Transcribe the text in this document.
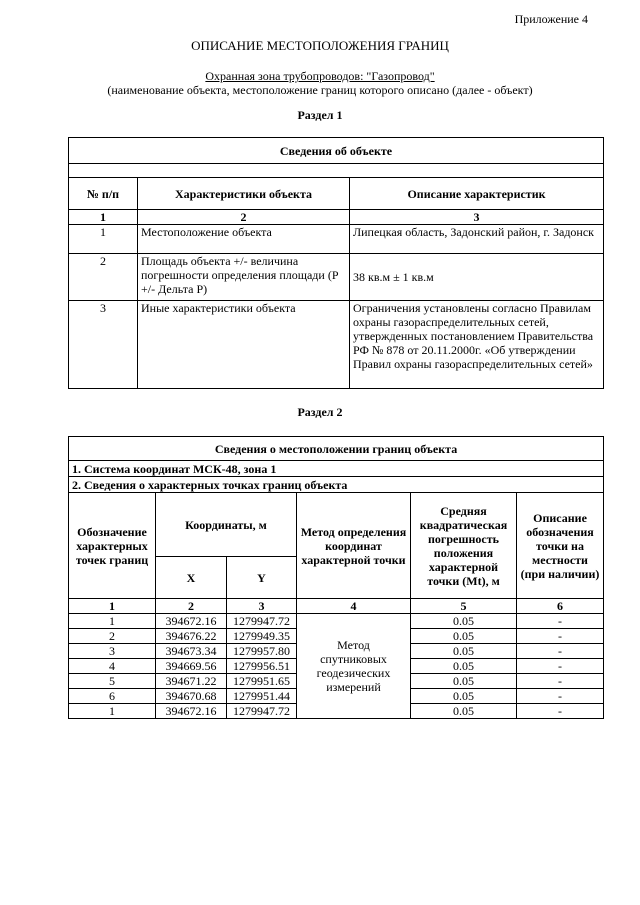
Приложение 4
ОПИСАНИЕ МЕСТОПОЛОЖЕНИЯ ГРАНИЦ
Охранная зона трубопроводов: "Газопровод"
(наименование объекта, местоположение границ которого описано (далее - объект)
Раздел 1
Сведения об объекте		

№ п/п	Характеристики объекта	Описание характеристик
1	2	3
1	Местоположение объекта	Липецкая область, Задонский район, г. Задонск
2	Площадь объекта +/- величина погрешности определения площади (Р +/- Дельта Р)	38 кв.м ± 1 кв.м
3	Иные характеристики объекта	Ограничения установлены согласно Правилам охраны газораспределительных сетей, утвержденных постановлением Правительства РФ № 878 от 20.11.2000г. «Об утверждении Правил охраны газораспределительных сетей»
Раздел 2
Сведения о местоположении границ объекта					
1. Система координат МСК-48, зона 1					
2. Сведения о характерных точках границ объекта					
Обозначение характерных точек границ	Координаты, м		Метод определения координат характерной точки	Средняя квадратическая погрешность положения характерной точки (Mt), м	Описание обозначения точки на местности (при наличии)
	X	Y			
1	2	3	4	5	6
1	394672.16	1279947.72	Метод спутниковых геодезических измерений	0.05	-
2	394676.22	1279949.35		0.05	-
3	394673.34	1279957.80		0.05	-
4	394669.56	1279956.51		0.05	-
5	394671.22	1279951.65		0.05	-
6	394670.68	1279951.44		0.05	-
1	394672.16	1279947.72		0.05	-
